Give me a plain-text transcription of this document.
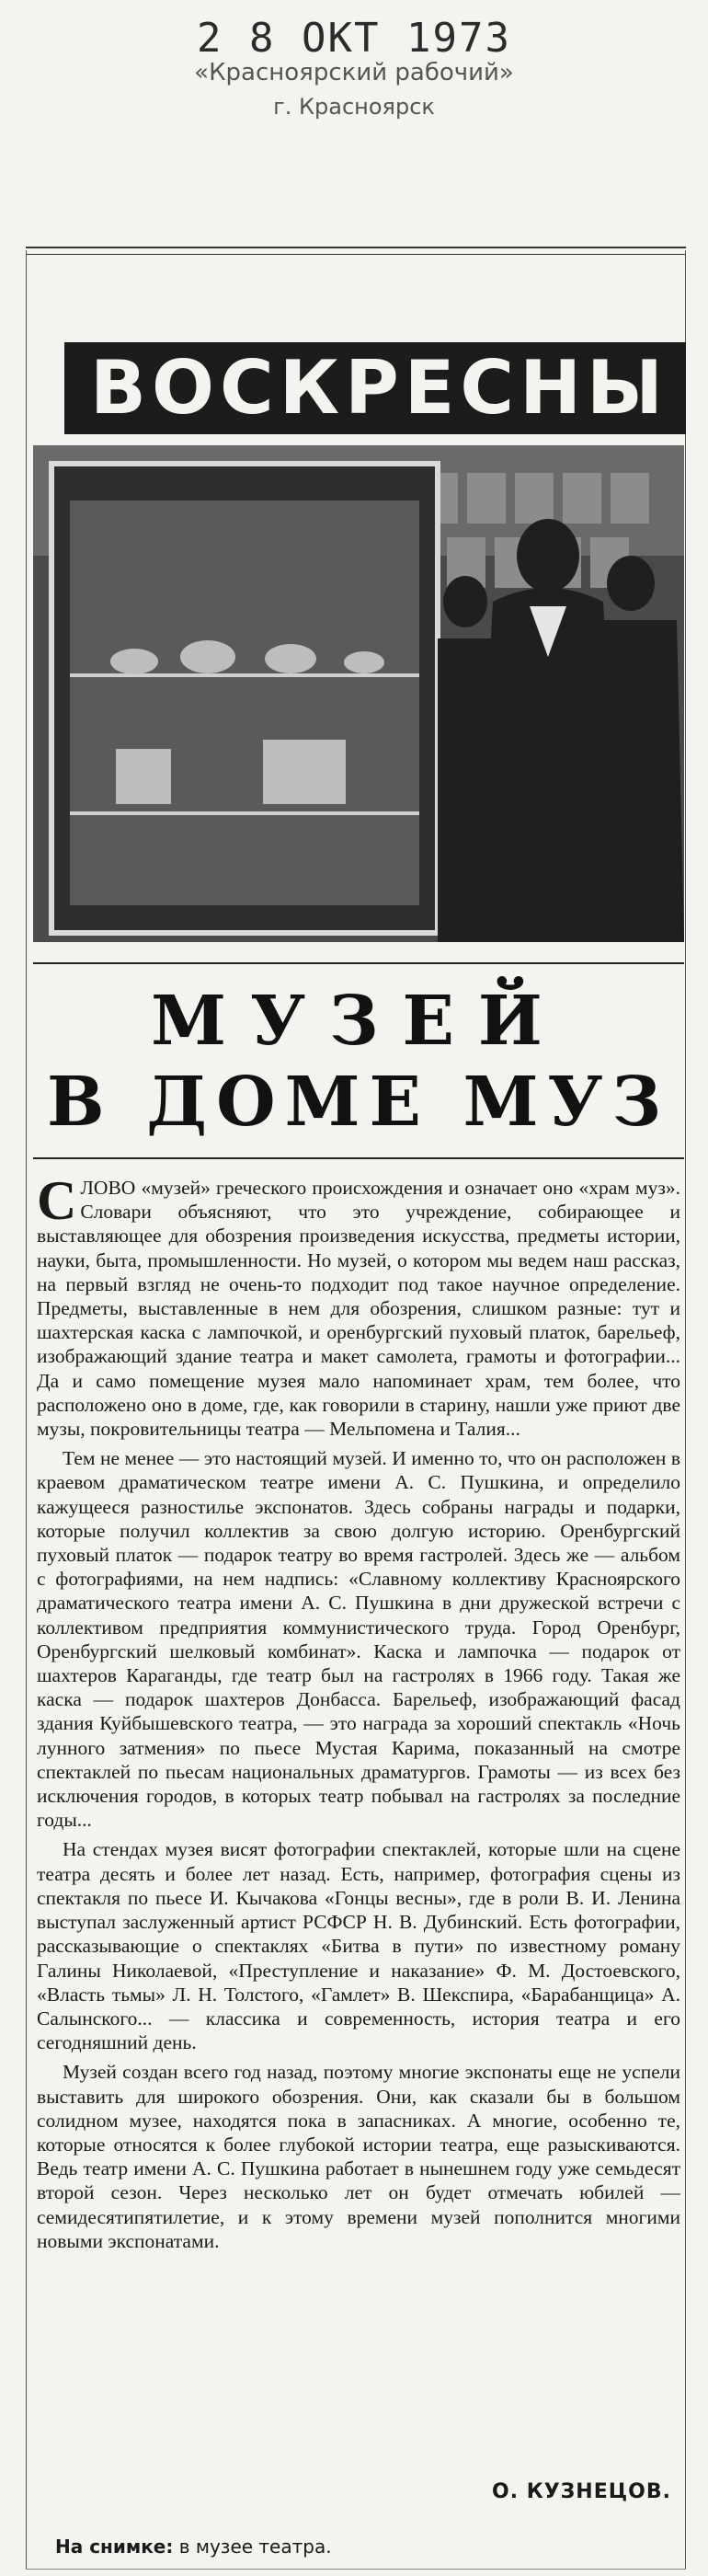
2 8 ОКТ 1973
«Красноярский рабочий»
г. Красноярск
ВОСКРЕСНЫ
МУЗЕЙ
В ДОМЕ МУЗ

СЛОВО «музей» греческого происхождения и означает оно «храм муз». Словари объясняют, что это учреждение, собирающее и выставляющее для обозрения произведения искусства, предметы истории, науки, быта, промышленности. Но музей, о котором мы ведем наш рассказ, на первый взгляд не очень-то подходит под такое научное определение. Предметы, выставленные в нем для обозрения, слишком разные: тут и шахтерская каска с лампочкой, и оренбургский пуховый платок, барельеф, изображающий здание театра и макет самолета, грамоты и фотографии... Да и само помещение музея мало напоминает храм, тем более, что расположено оно в доме, где, как говорили в старину, нашли уже приют две музы, покровительницы театра — Мельпомена и Талия...

Тем не менее — это настоящий музей. И именно то, что он расположен в краевом драматическом театре имени А. С. Пушкина, и определило кажущееся разностилье экспонатов. Здесь собраны награды и подарки, которые получил коллектив за свою долгую историю. Оренбургский пуховый платок — подарок театру во время гастролей. Здесь же — альбом с фотографиями, на нем надпись: «Славному коллективу Красноярского драматического театра имени А. С. Пушкина в дни дружеской встречи с коллективом предприятия коммунистического труда. Город Оренбург, Оренбургский шелковый комбинат». Каска и лампочка — подарок от шахтеров Караганды, где театр был на гастролях в 1966 году. Такая же каска — подарок шахтеров Донбасса. Барельеф, изображающий фасад здания Куйбышевского театра, — это награда за хороший спектакль «Ночь лунного затмения» по пьесе Мустая Карима, показанный на смотре спектаклей по пьесам национальных драматургов. Грамоты — из всех без исключения городов, в которых театр побывал на гастролях за последние годы...

На стендах музея висят фотографии спектаклей, которые шли на сцене театра десять и более лет назад. Есть, например, фотография сцены из спектакля по пьесе И. Кычакова «Гонцы весны», где в роли В. И. Ленина выступал заслуженный артист РСФСР Н. В. Дубинский. Есть фотографии, рассказывающие о спектаклях «Битва в пути» по известному роману Галины Николаевой, «Преступление и наказание» Ф. М. Достоевского, «Власть тьмы» Л. Н. Толстого, «Гамлет» В. Шекспира, «Барабанщица» А. Салынского... — классика и современность, история театра и его сегодняшний день.

Музей создан всего год назад, поэтому многие экспонаты еще не успели выставить для широкого обозрения. Они, как сказали бы в большом солидном музее, находятся пока в запасниках. А многие, особенно те, которые относятся к более глубокой истории театра, еще разыскиваются. Ведь театр имени А. С. Пушкина работает в нынешнем году уже семьдесят второй сезон. Через несколько лет он будет отмечать юбилей — семидесятипятилетие, и к этому времени музей пополнится многими новыми экспонатами.

О. КУЗНЕЦОВ.
На снимке: в музее театра.
